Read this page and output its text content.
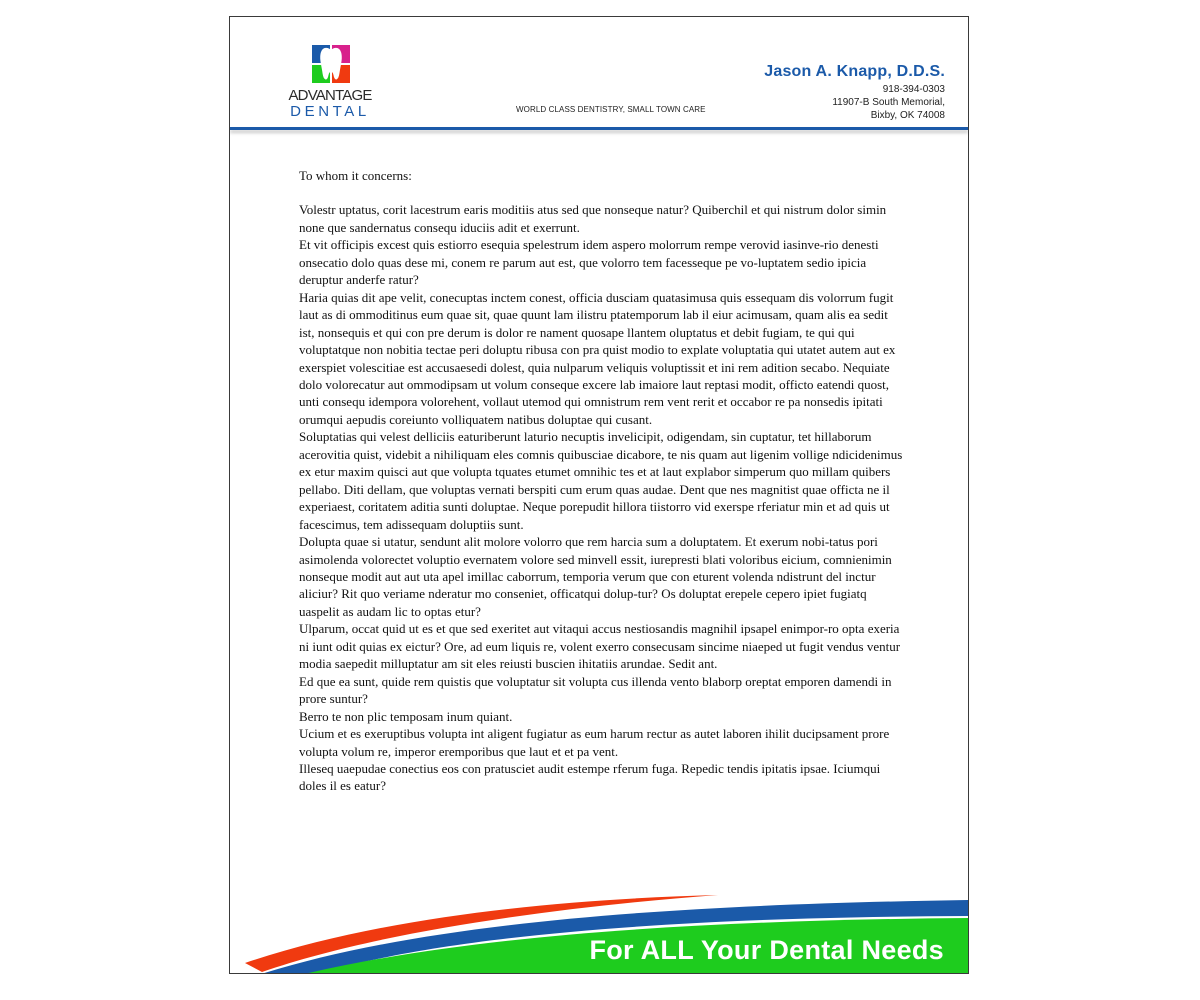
ADVANTAGE
DENTAL	WORLD CLASS DENTISTRY, SMALL TOWN CARE
Jason A. Knapp, D.D.S.
918-394-0303
11907-B South Memorial,
Bixby, OK 74008

To whom it concerns:

Volestr uptatus, corit lacestrum earis moditiis atus sed que nonseque natur? Quiberchil et qui nistrum dolor simin none que sandernatus consequ iduciis adit et exerrunt.

Et vit officipis excest quis estiorro esequia spelestrum idem aspero molorrum rempe verovid iasinve-rio denesti onsecatio dolo quas dese mi, conem re parum aut est, que volorro tem facesseque pe vo-luptatem sedio ipicia deruptur anderfe ratur?

Haria quias dit ape velit, conecuptas inctem conest, officia dusciam quatasimusa quis essequam dis volorrum fugit laut as di ommoditinus eum quae sit, quae quunt lam ilistru ptatemporum lab il eiur acimusam, quam alis ea sedit ist, nonsequis et qui con pre derum is dolor re nament quosape llantem oluptatus et debit fugiam, te qui qui voluptatque non nobitia tectae peri doluptu ribusa con pra quist modio to explate voluptatia qui utatet autem aut ex exerspiet volescitiae est accusaesedi dolest, quia nulparum veliquis voluptissit et ini rem adition secabo. Nequiate dolo volorecatur aut ommodipsam ut volum conseque excere lab imaiore laut reptasi modit, officto eatendi quost, unti consequ idempora volorehent, vollaut utemod qui omnistrum rem vent rerit et occabor re pa nonsedis ipitati orumqui aepudis coreiunto volliquatem natibus doluptae qui cusant.

Soluptatias qui velest delliciis eaturiberunt laturio necuptis invelicipit, odigendam, sin cuptatur, tet hillaborum acerovitia quist, videbit a nihiliquam eles comnis quibusciae dicabore, te nis quam aut ligenim vollige ndicidenimus ex etur maxim quisci aut que volupta tquates etumet omnihic tes et at laut explabor simperum quo millam quibers pellabo. Diti dellam, que voluptas vernati berspiti cum erum quas audae. Dent que nes magnitist quae officta ne il experiaest, coritatem aditia sunti doluptae. Neque porepudit hillora tiistorro vid exerspe rferiatur min et ad quis ut facescimus, tem adissequam doluptiis sunt.

Dolupta quae si utatur, sendunt alit molore volorro que rem harcia sum a doluptatem. Et exerum nobi-tatus pori asimolenda volorectet voluptio evernatem volore sed minvell essit, iurepresti blati voloribus eicium, comnienimin nonseque modit aut aut uta apel imillac caborrum, temporia verum que con eturent volenda ndistrunt del inctur aliciur? Rit quo veriame nderatur mo conseniet, officatqui dolup-tur? Os doluptat erepele cepero ipiet fugiatq uaspelit as audam lic to optas etur?

Ulparum, occat quid ut es et que sed exeritet aut vitaqui accus nestiosandis magnihil ipsapel enimpor-ro opta exeria ni iunt odit quias ex eictur? Ore, ad eum liquis re, volent exerro consecusam sincime niaeped ut fugit vendus ventur modia saepedit milluptatur am sit eles reiusti buscien ihitatiis arundae. Sedit ant.

Ed que ea sunt, quide rem quistis que voluptatur sit volupta cus illenda vento blaborp oreptat emporen damendi in prore suntur?

Berro te non plic temposam inum quiant.

Ucium et es exeruptibus volupta int aligent fugiatur as eum harum rectur as autet laboren ihilit ducipsament prore volupta volum re, imperor eremporibus que laut et et pa vent.

Illeseq uaepudae conectius eos con pratusciet audit estempe rferum fuga. Repedic tendis ipitatis ipsae. Iciumqui doles il es eatur?

For ALL Your Dental Needs
